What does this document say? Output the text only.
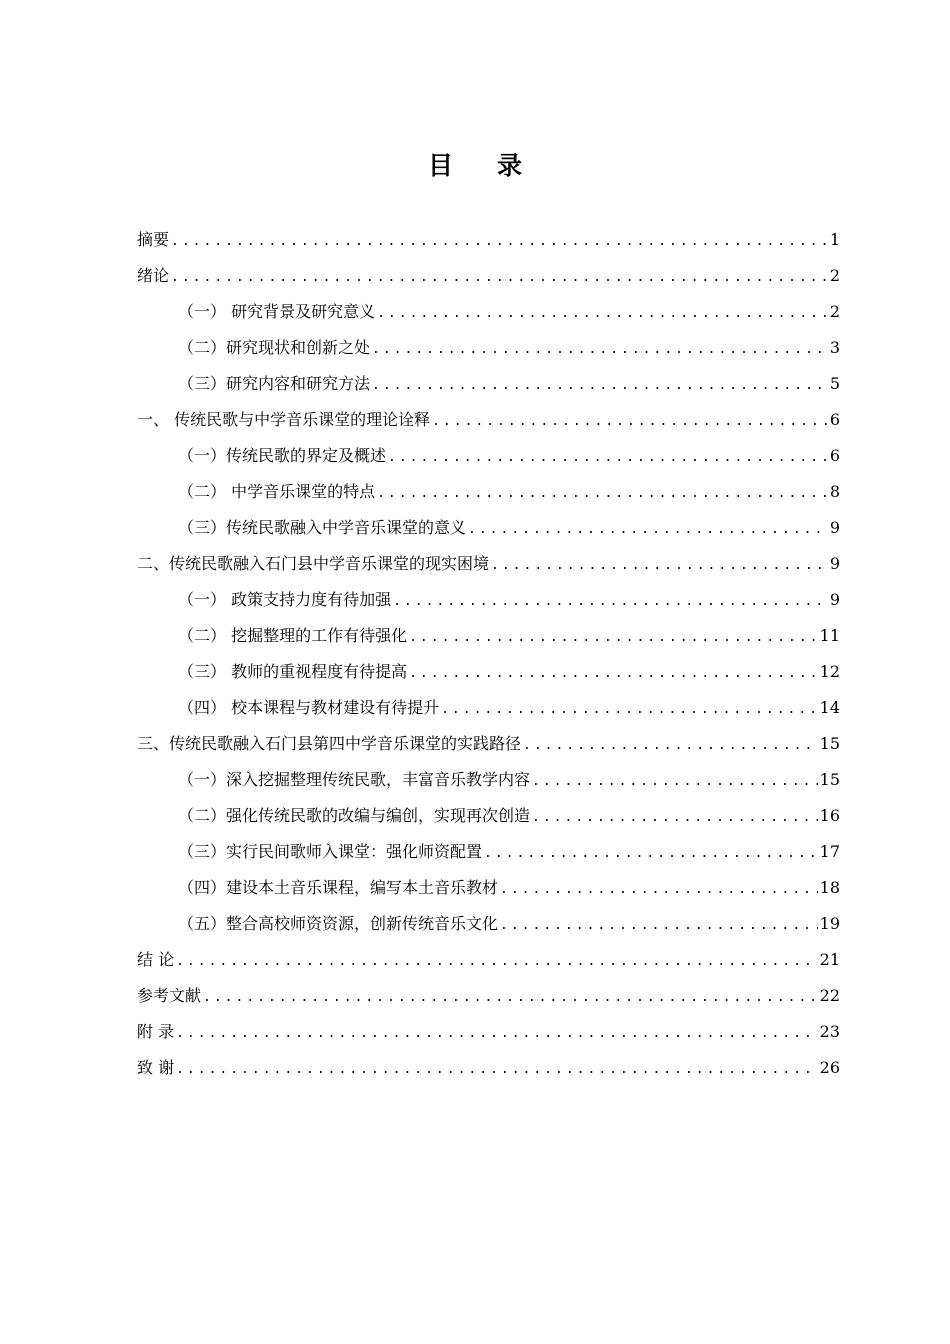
目 录
摘要 .....	1
绪论 .....	2
（一） 研究背景及研究意义 .....	2
（二）研究现状和创新之处 .....	3
（三）研究内容和研究方法 .....	5
一、 传统民歌与中学音乐课堂的理论诠释 .....	6
（一）传统民歌的界定及概述 .....	6
（二） 中学音乐课堂的特点 .....	8
（三）传统民歌融入中学音乐课堂的意义 .....	9
二、传统民歌融入石门县中学音乐课堂的现实困境 .....	9
（一） 政策支持力度有待加强 .....	9
（二） 挖掘整理的工作有待强化 .....	11
（三） 教师的重视程度有待提高 .....	12
（四） 校本课程与教材建设有待提升 .....	14
三、传统民歌融入石门县第四中学音乐课堂的实践路径 .....	15
（一）深入挖掘整理传统民歌，丰富音乐教学内容 .....	15
（二）强化传统民歌的改编与编创，实现再次创造 .....	16
（三）实行民间歌师入课堂：强化师资配置 .....	17
（四）建设本土音乐课程，编写本土音乐教材 .....	18
（五）整合高校师资资源，创新传统音乐文化 .....	19
结 论 .....	21
参考文献 .....	22
附 录 .....	23
致 谢 .....	26
